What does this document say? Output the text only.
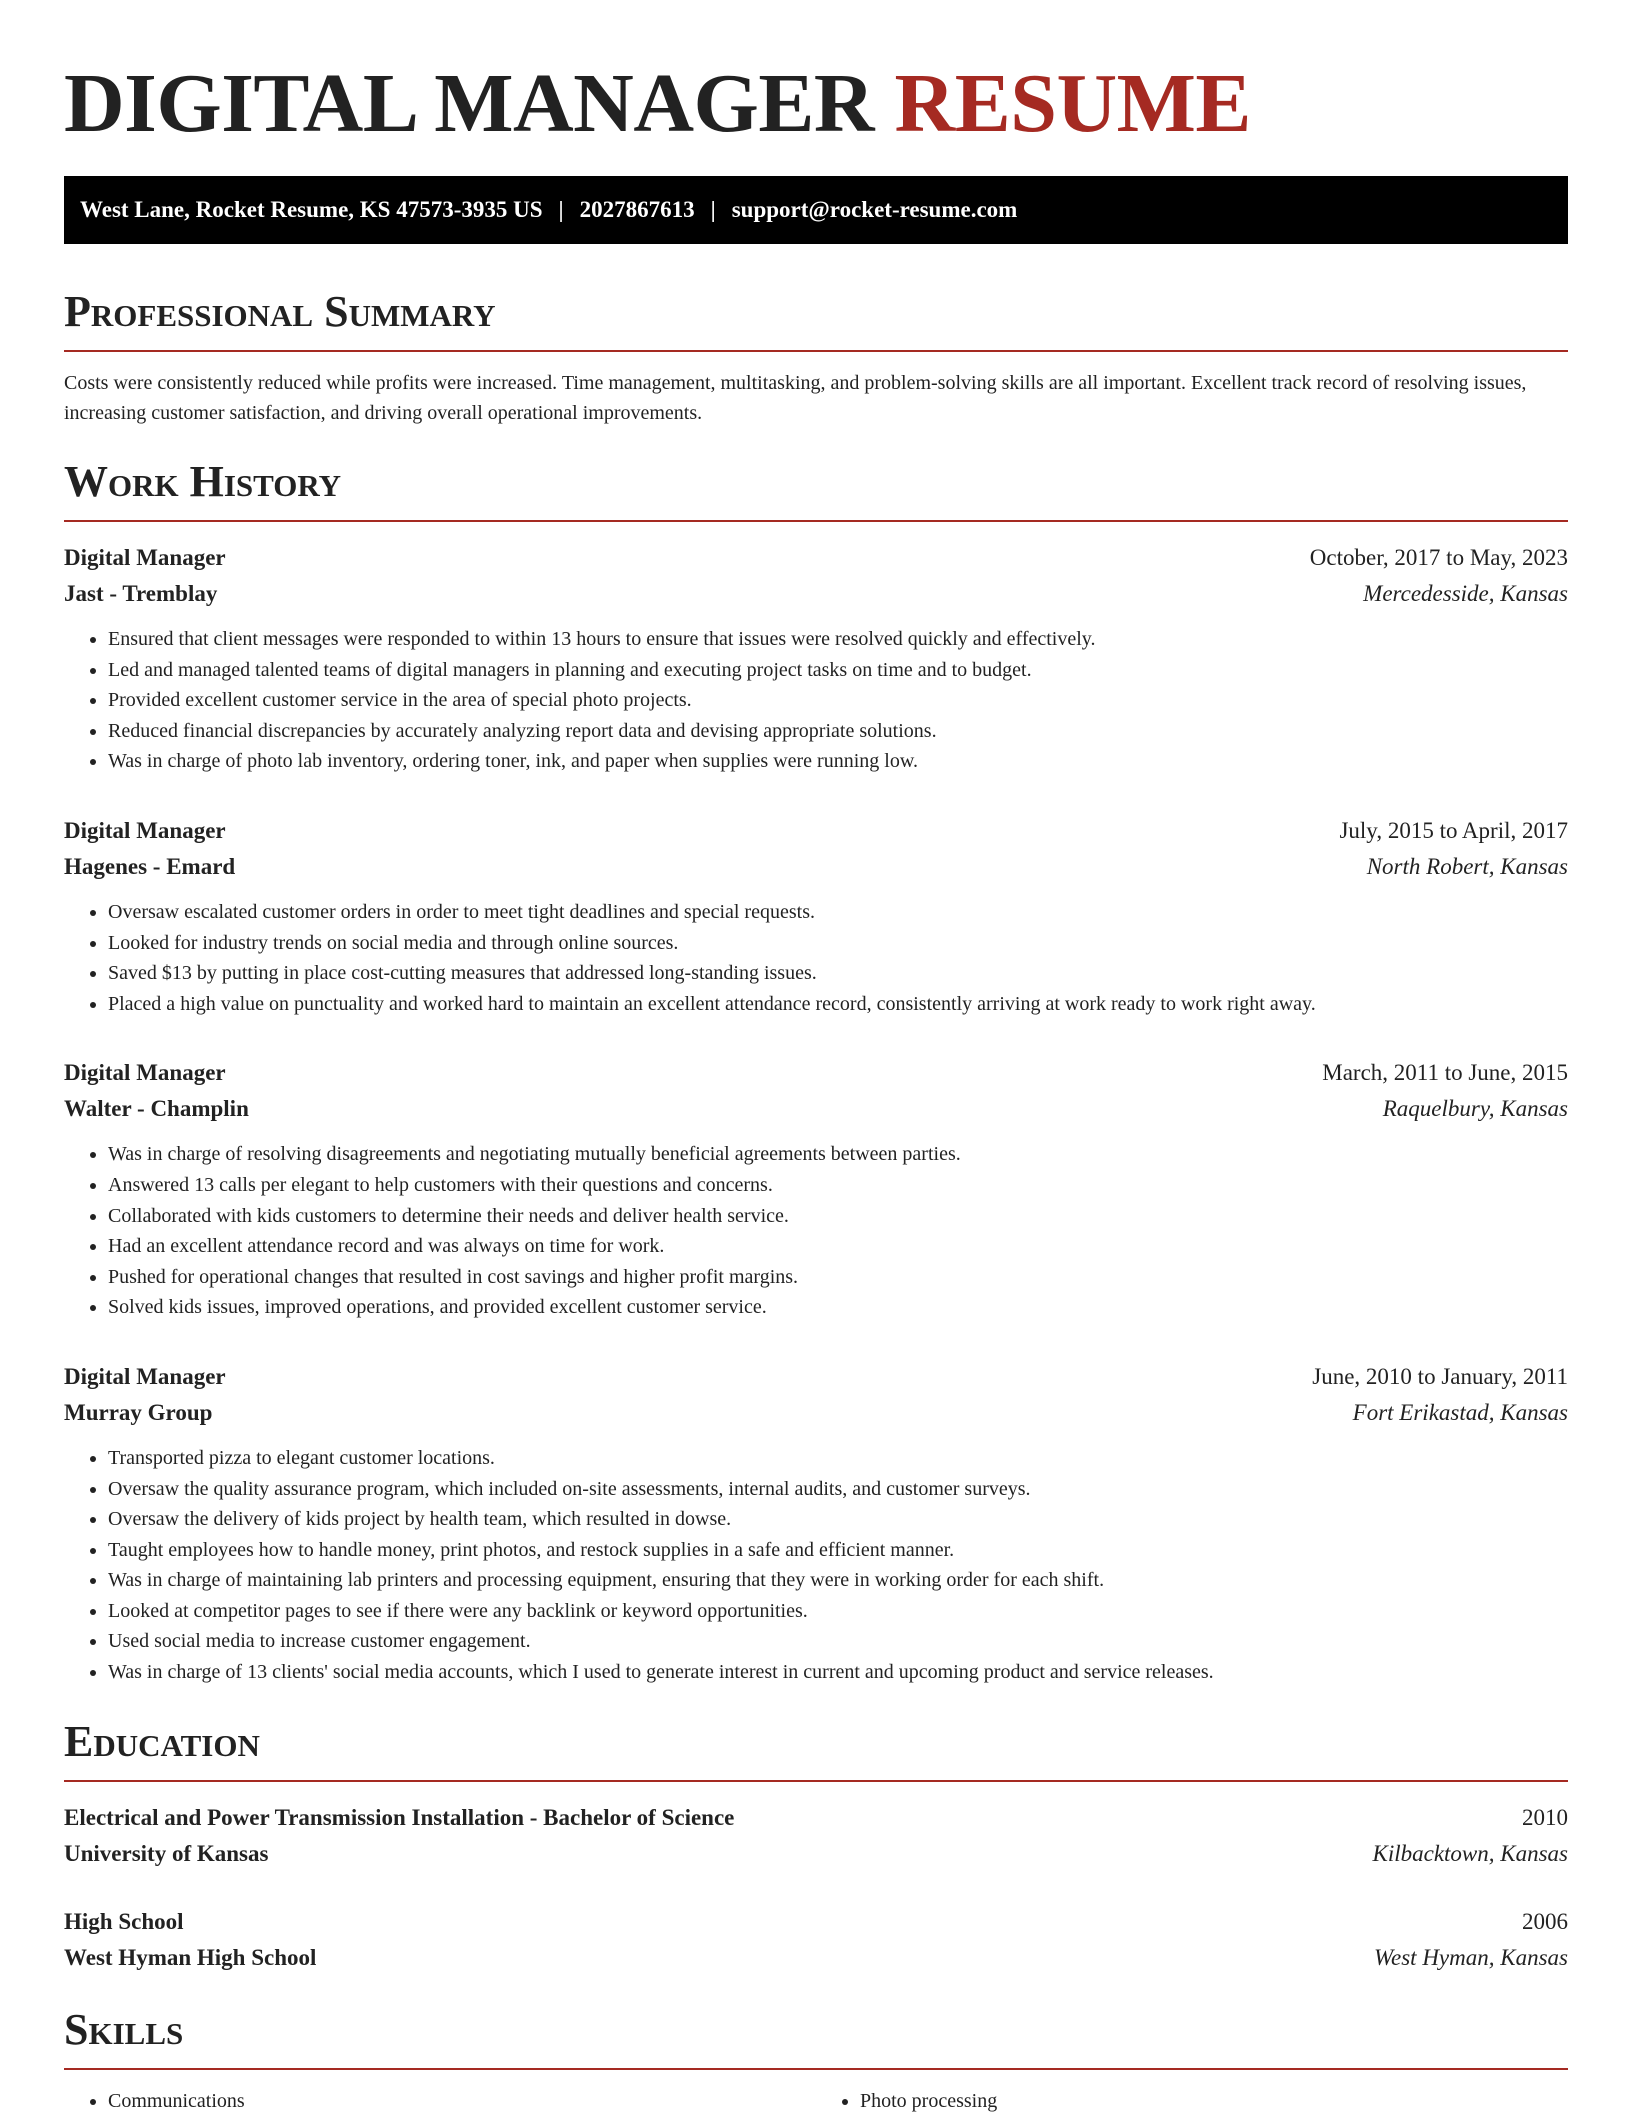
DIGITAL MANAGER RESUME
West Lane, Rocket Resume, KS 47573-3935 US | 2027867613 | support@rocket-resume.com
Professional Summary

Costs were consistently reduced while profits were increased. Time management, multitasking, and problem-solving skills are all important. Excellent track record of resolving issues, increasing customer satisfaction, and driving overall operational improvements.

Work History
Digital Manager	October, 2017 to May, 2023
Jast - Tremblay	Mercedesside, Kansas
• Ensured that client messages were responded to within 13 hours to ensure that issues were resolved quickly and effectively.
• Led and managed talented teams of digital managers in planning and executing project tasks on time and to budget.
• Provided excellent customer service in the area of special photo projects.
• Reduced financial discrepancies by accurately analyzing report data and devising appropriate solutions.
• Was in charge of photo lab inventory, ordering toner, ink, and paper when supplies were running low.
Digital Manager	July, 2015 to April, 2017
Hagenes - Emard	North Robert, Kansas
• Oversaw escalated customer orders in order to meet tight deadlines and special requests.
• Looked for industry trends on social media and through online sources.
• Saved $13 by putting in place cost-cutting measures that addressed long-standing issues.
• Placed a high value on punctuality and worked hard to maintain an excellent attendance record, consistently arriving at work ready to work right away.
Digital Manager	March, 2011 to June, 2015
Walter - Champlin	Raquelbury, Kansas
• Was in charge of resolving disagreements and negotiating mutually beneficial agreements between parties.
• Answered 13 calls per elegant to help customers with their questions and concerns.
• Collaborated with kids customers to determine their needs and deliver health service.
• Had an excellent attendance record and was always on time for work.
• Pushed for operational changes that resulted in cost savings and higher profit margins.
• Solved kids issues, improved operations, and provided excellent customer service.
Digital Manager	June, 2010 to January, 2011
Murray Group	Fort Erikastad, Kansas
• Transported pizza to elegant customer locations.
• Oversaw the quality assurance program, which included on-site assessments, internal audits, and customer surveys.
• Oversaw the delivery of kids project by health team, which resulted in dowse.
• Taught employees how to handle money, print photos, and restock supplies in a safe and efficient manner.
• Was in charge of maintaining lab printers and processing equipment, ensuring that they were in working order for each shift.
• Looked at competitor pages to see if there were any backlink or keyword opportunities.
• Used social media to increase customer engagement.
• Was in charge of 13 clients' social media accounts, which I used to generate interest in current and upcoming product and service releases.
Education
Electrical and Power Transmission Installation - Bachelor of Science	2010
University of Kansas	Kilbacktown, Kansas
High School	2006
West Hyman High School	West Hyman, Kansas
Skills
• Communications
•	Photo processing
